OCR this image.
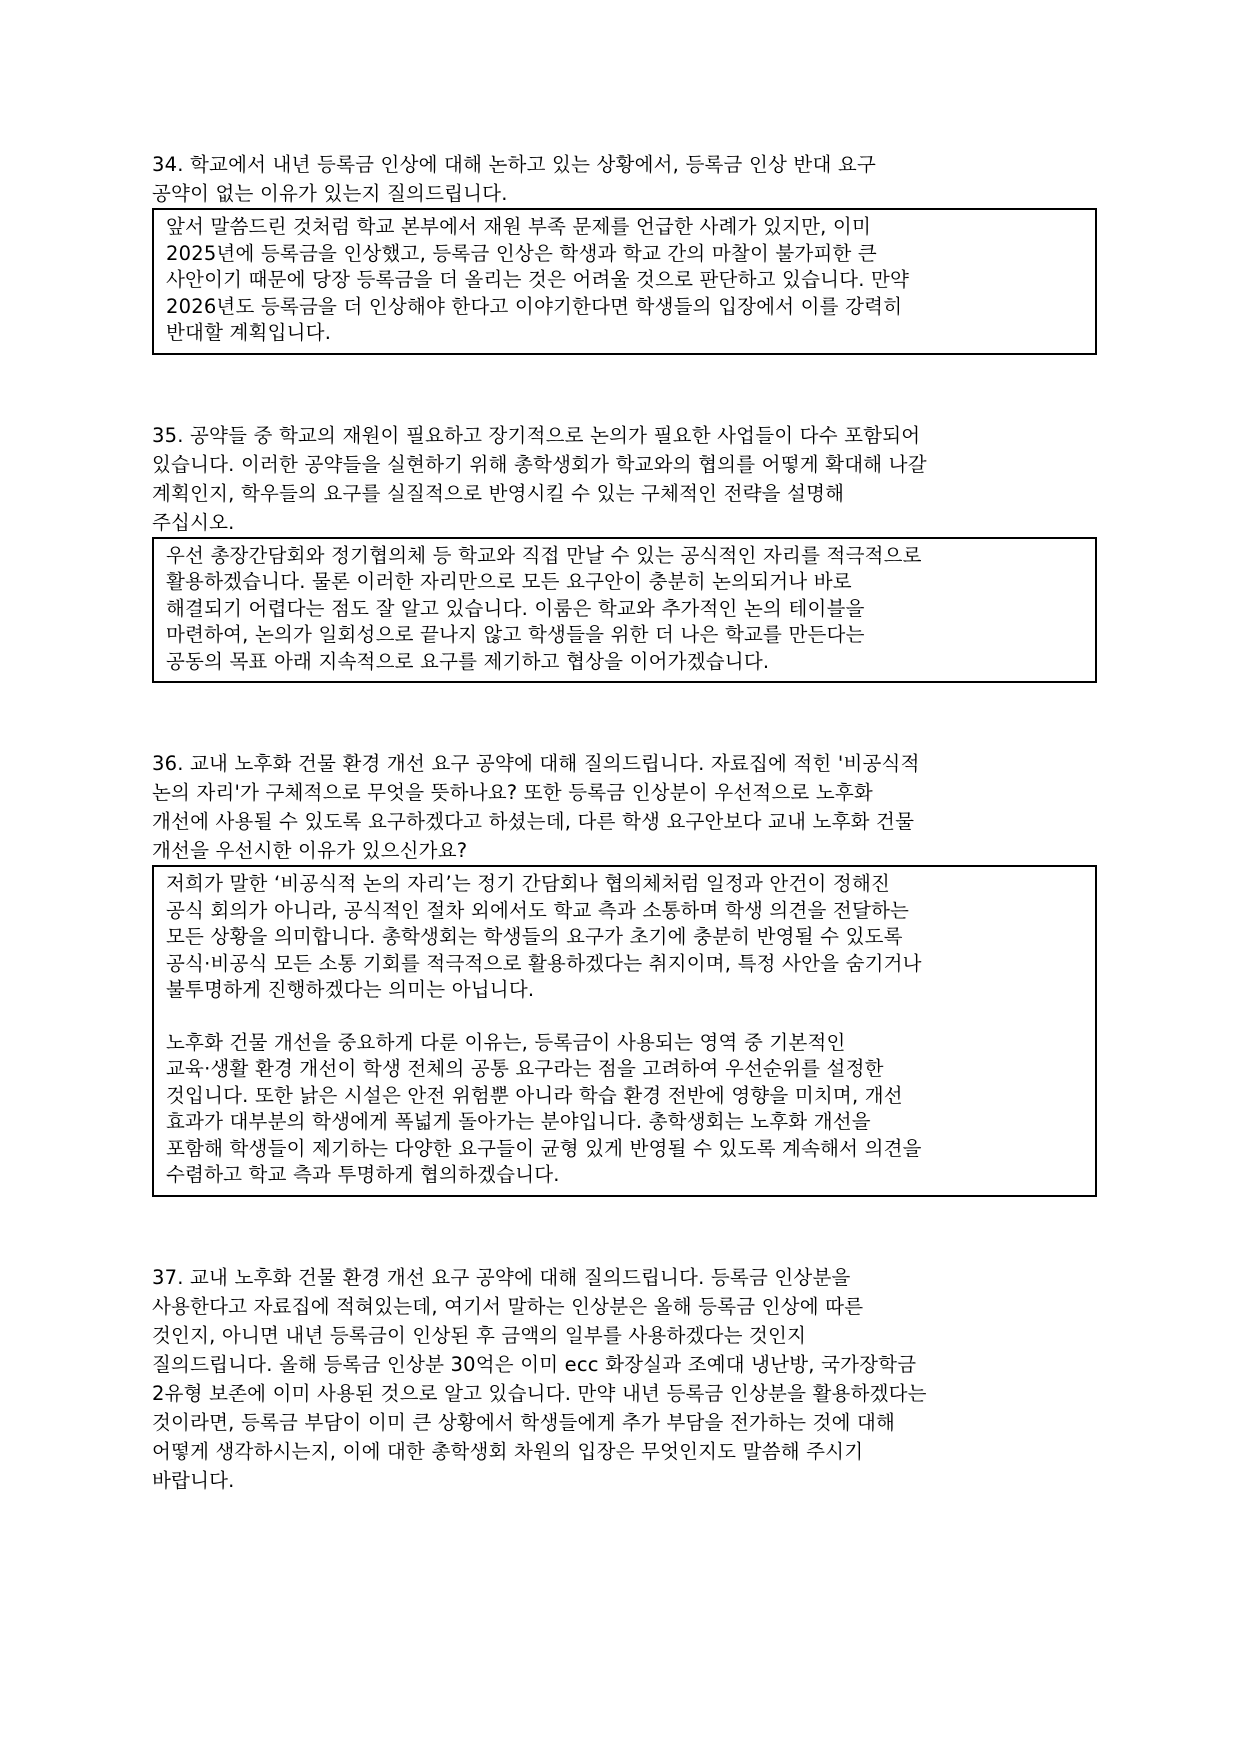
34. 학교에서 내년 등록금 인상에 대해 논하고 있는 상황에서, 등록금 인상 반대 요구
공약이 없는 이유가 있는지 질의드립니다.

앞서 말씀드린 것처럼 학교 본부에서 재원 부족 문제를 언급한 사례가 있지만, 이미
2025년에 등록금을 인상했고, 등록금 인상은 학생과 학교 간의 마찰이 불가피한 큰
사안이기 때문에 당장 등록금을 더 올리는 것은 어려울 것으로 판단하고 있습니다. 만약
2026년도 등록금을 더 인상해야 한다고 이야기한다면 학생들의 입장에서 이를 강력히
반대할 계획입니다.

35. 공약들 중 학교의 재원이 필요하고 장기적으로 논의가 필요한 사업들이 다수 포함되어
있습니다. 이러한 공약들을 실현하기 위해 총학생회가 학교와의 협의를 어떻게 확대해 나갈
계획인지, 학우들의 요구를 실질적으로 반영시킬 수 있는 구체적인 전략을 설명해
주십시오.

우선 총장간담회와 정기협의체 등 학교와 직접 만날 수 있는 공식적인 자리를 적극적으로
활용하겠습니다. 물론 이러한 자리만으로 모든 요구안이 충분히 논의되거나 바로
해결되기 어렵다는 점도 잘 알고 있습니다. 이룸은 학교와 추가적인 논의 테이블을
마련하여, 논의가 일회성으로 끝나지 않고 학생들을 위한 더 나은 학교를 만든다는
공동의 목표 아래 지속적으로 요구를 제기하고 협상을 이어가겠습니다.

36. 교내 노후화 건물 환경 개선 요구 공약에 대해 질의드립니다. 자료집에 적힌 '비공식적
논의 자리'가 구체적으로 무엇을 뜻하나요? 또한 등록금 인상분이 우선적으로 노후화
개선에 사용될 수 있도록 요구하겠다고 하셨는데, 다른 학생 요구안보다 교내 노후화 건물
개선을 우선시한 이유가 있으신가요?

저희가 말한 ‘비공식적 논의 자리’는 정기 간담회나 협의체처럼 일정과 안건이 정해진
공식 회의가 아니라, 공식적인 절차 외에서도 학교 측과 소통하며 학생 의견을 전달하는
모든 상황을 의미합니다. 총학생회는 학생들의 요구가 초기에 충분히 반영될 수 있도록
공식·비공식 모든 소통 기회를 적극적으로 활용하겠다는 취지이며, 특정 사안을 숨기거나
불투명하게 진행하겠다는 의미는 아닙니다.
노후화 건물 개선을 중요하게 다룬 이유는, 등록금이 사용되는 영역 중 기본적인
교육·생활 환경 개선이 학생 전체의 공통 요구라는 점을 고려하여 우선순위를 설정한
것입니다. 또한 낡은 시설은 안전 위험뿐 아니라 학습 환경 전반에 영향을 미치며, 개선
효과가 대부분의 학생에게 폭넓게 돌아가는 분야입니다. 총학생회는 노후화 개선을
포함해 학생들이 제기하는 다양한 요구들이 균형 있게 반영될 수 있도록 계속해서 의견을
수렴하고 학교 측과 투명하게 협의하겠습니다.

37. 교내 노후화 건물 환경 개선 요구 공약에 대해 질의드립니다. 등록금 인상분을
사용한다고 자료집에 적혀있는데, 여기서 말하는 인상분은 올해 등록금 인상에 따른
것인지, 아니면 내년 등록금이 인상된 후 금액의 일부를 사용하겠다는 것인지
질의드립니다. 올해 등록금 인상분 30억은 이미 ecc 화장실과 조예대 냉난방, 국가장학금
2유형 보존에 이미 사용된 것으로 알고 있습니다. 만약 내년 등록금 인상분을 활용하겠다는
것이라면, 등록금 부담이 이미 큰 상황에서 학생들에게 추가 부담을 전가하는 것에 대해
어떻게 생각하시는지, 이에 대한 총학생회 차원의 입장은 무엇인지도 말씀해 주시기
바랍니다.
